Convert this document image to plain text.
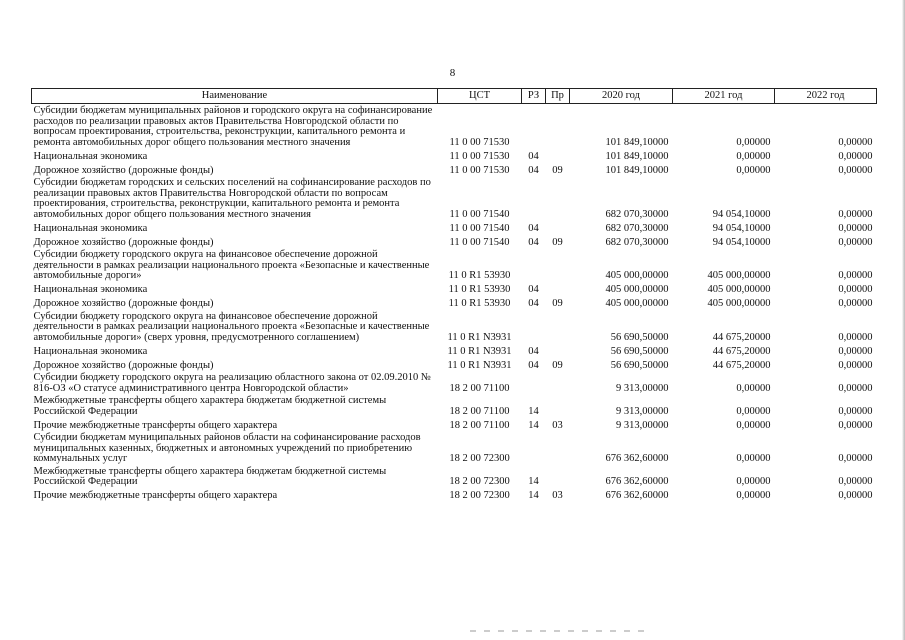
8
Наименование	ЦСТ	РЗ	Пр	2020 год	2021 год	2022 год
Субсидии бюджетам муниципальных районов и городского округа на софинансирование расходов по реализации правовых актов Правительства Новгородской области по вопросам проектирования, строительства, реконструкции, капитального ремонта и ремонта автомобильных дорог общего пользования местного значения	11 0 00 71530			101 849,10000	0,00000	0,00000
Национальная экономика	11 0 00 71530	04		101 849,10000	0,00000	0,00000
Дорожное хозяйство (дорожные фонды)	11 0 00 71530	04	09	101 849,10000	0,00000	0,00000
Субсидии бюджетам городских и сельских поселений на софинансирование расходов по реализации правовых актов Правительства Новгородской области по вопросам проектирования, строительства, реконструкции, капитального ремонта и ремонта автомобильных дорог общего пользования местного значения	11 0 00 71540			682 070,30000	94 054,10000	0,00000
Национальная экономика	11 0 00 71540	04		682 070,30000	94 054,10000	0,00000
Дорожное хозяйство (дорожные фонды)	11 0 00 71540	04	09	682 070,30000	94 054,10000	0,00000
Субсидии бюджету городского округа на финансовое обеспечение дорожной деятельности в рамках реализации национального проекта «Безопасные и качественные автомобильные дороги»	11 0 R1 53930			405 000,00000	405 000,00000	0,00000
Национальная экономика	11 0 R1 53930	04		405 000,00000	405 000,00000	0,00000
Дорожное хозяйство (дорожные фонды)	11 0 R1 53930	04	09	405 000,00000	405 000,00000	0,00000
Субсидии бюджету городского округа на финансовое обеспечение дорожной деятельности в рамках реализации национального проекта «Безопасные и качественные автомобильные дороги» (сверх уровня, предусмотренного соглашением)	11 0 R1 N3931			56 690,50000	44 675,20000	0,00000
Национальная экономика	11 0 R1 N3931	04		56 690,50000	44 675,20000	0,00000
Дорожное хозяйство (дорожные фонды)	11 0 R1 N3931	04	09	56 690,50000	44 675,20000	0,00000
Субсидии бюджету городского округа на реализацию областного закона от 02.09.2010 № 816-ОЗ «О статусе административного центра Новгородской области»	18 2 00 71100			9 313,00000	0,00000	0,00000
Межбюджетные трансферты общего характера бюджетам бюджетной системы Российской Федерации	18 2 00 71100	14		9 313,00000	0,00000	0,00000
Прочие межбюджетные трансферты общего характера	18 2 00 71100	14	03	9 313,00000	0,00000	0,00000
Субсидии бюджетам муниципальных районов области на софинансирование расходов муниципальных казенных, бюджетных и автономных учреждений по приобретению коммунальных услуг	18 2 00 72300			676 362,60000	0,00000	0,00000
Межбюджетные трансферты общего характера бюджетам бюджетной системы Российской Федерации	18 2 00 72300	14		676 362,60000	0,00000	0,00000
Прочие межбюджетные трансферты общего характера	18 2 00 72300	14	03	676 362,60000	0,00000	0,00000
